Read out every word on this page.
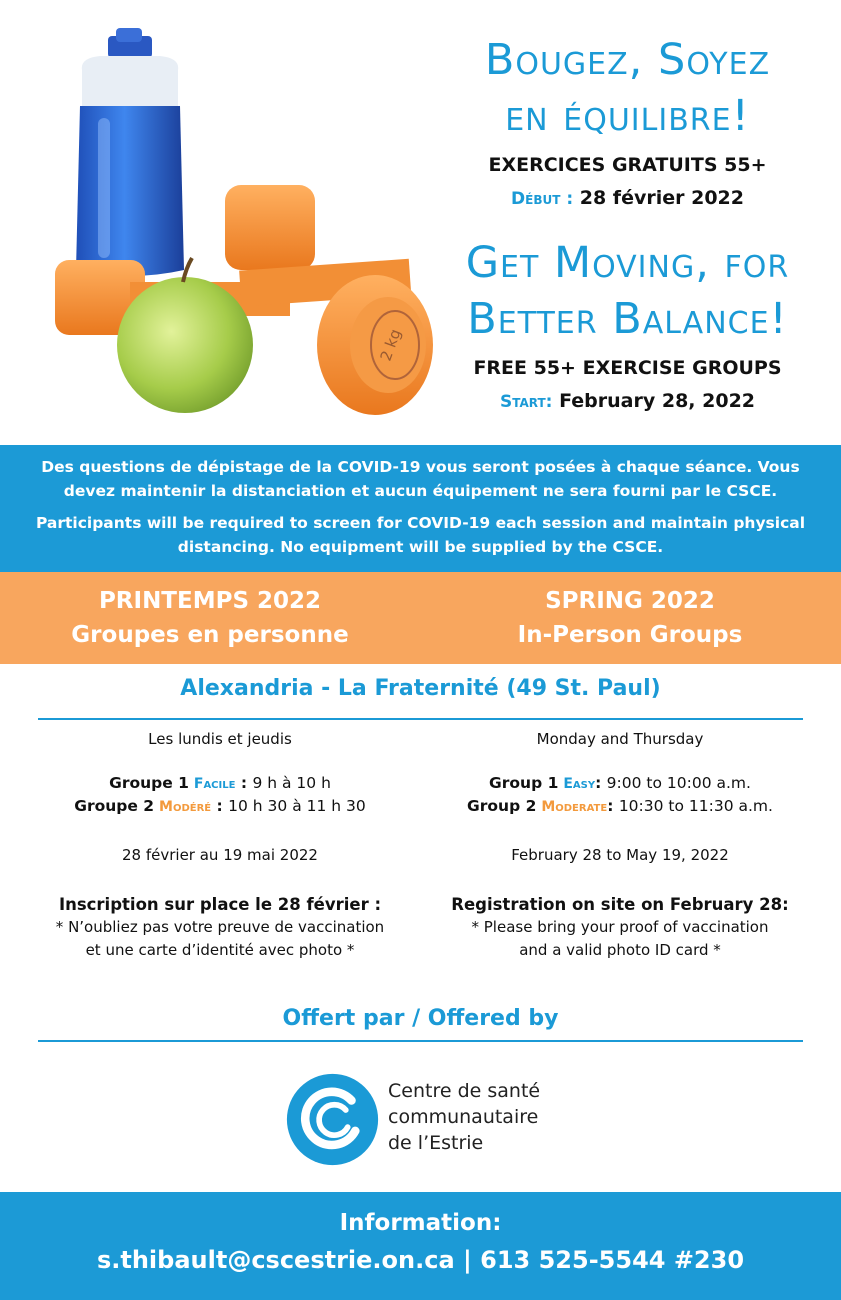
2 kg
Bougez, Soyez
en équilibre!
EXERCICES GRATUITS 55+
Début : 28 février 2022
Get Moving, for
Better Balance!
FREE 55+ EXERCISE GROUPS
Start: February 28, 2022

Des questions de dépistage de la COVID-19 vous seront posées à chaque séance. Vous devez maintenir la distanciation et aucun équipement ne sera fourni par le CSCE.

Participants will be required to screen for COVID-19 each session and maintain physical distancing. No equipment will be supplied by the CSCE.

PRINTEMPS 2022
Groupes en personne
SPRING 2022
In-Person Groups
Alexandria - La Fraternité (49 St. Paul)
Les lundis et jeudis
Groupe 1 Facile : 9 h à 10 h
Groupe 2 Modéré : 10 h 30 à 11 h 30
28 février au 19 mai 2022
Inscription sur place le 28 février :
* N’oubliez pas votre preuve de vaccination
et une carte d’identité avec photo *
Monday and Thursday
Group 1 Easy: 9:00 to 10:00 a.m.
Group 2 Moderate: 10:30 to 11:30 a.m.
February 28 to May 19, 2022
Registration on site on February 28:
* Please bring your proof of vaccination
and a valid photo ID card *
Offert par / Offered by
Centre de santé
communautaire
de l’Estrie
Information:
s.thibault@cscestrie.on.ca | 613 525-5544 #230
